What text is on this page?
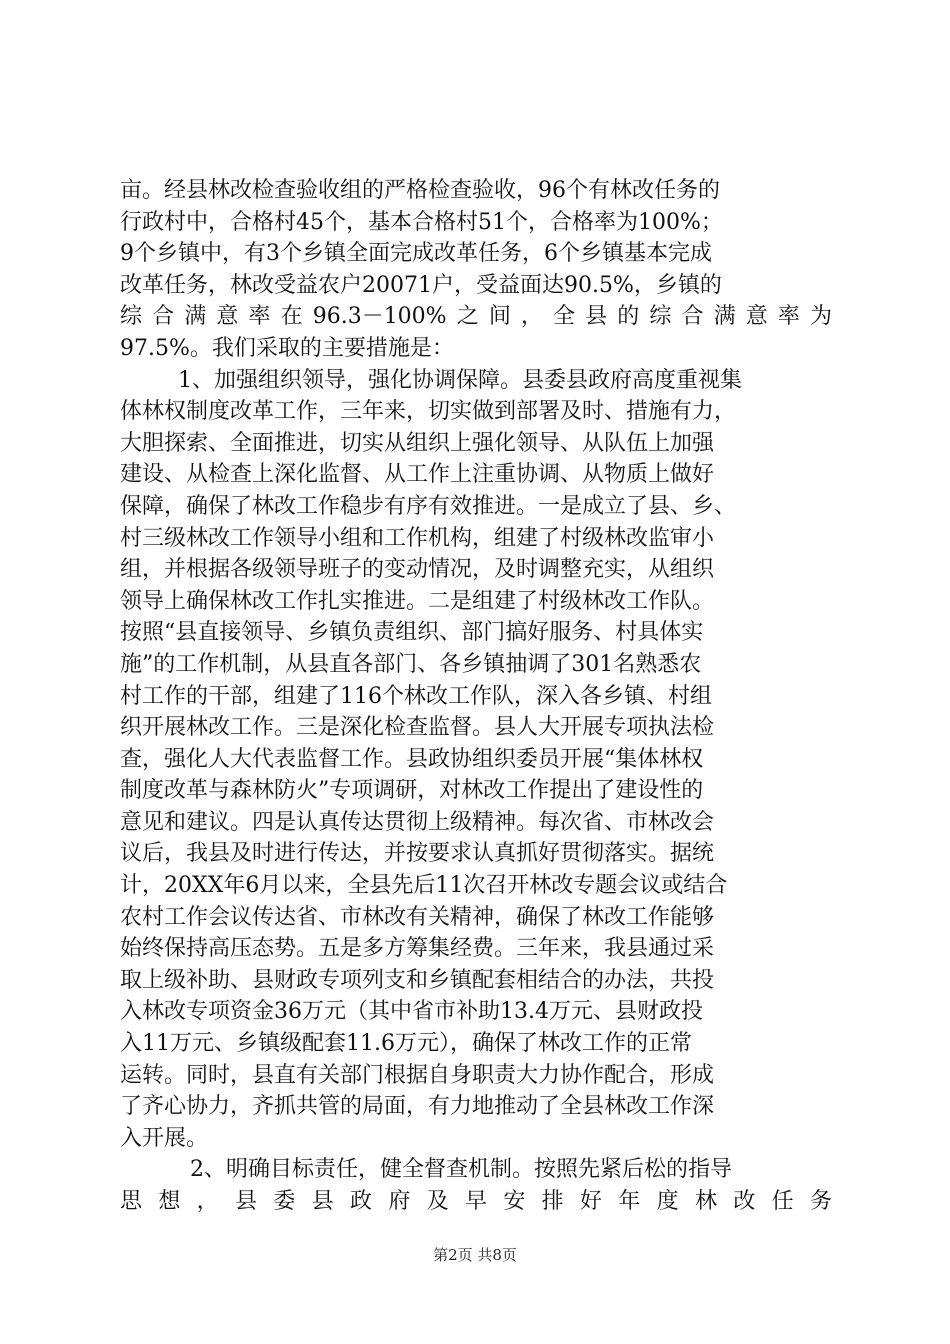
亩。经县林改检查验收组的严格检查验收，96个有林改任务的
行政村中，合格村45个，基本合格村51个，合格率为100%；
9个乡镇中，有3个乡镇全面完成改革任务，6个乡镇基本完成
改革任务，林改受益农户20071户，受益面达90.5%，乡镇的
综合满意率在96.3－100%之间，全县的综合满意率为
97.5%。我们采取的主要措施是：
1、加强组织领导，强化协调保障。县委县政府高度重视集
体林权制度改革工作，三年来，切实做到部署及时、措施有力，
大胆探索、全面推进，切实从组织上强化领导、从队伍上加强
建设、从检查上深化监督、从工作上注重协调、从物质上做好
保障，确保了林改工作稳步有序有效推进。一是成立了县、乡、
村三级林改工作领导小组和工作机构，组建了村级林改监审小
组，并根据各级领导班子的变动情况，及时调整充实，从组织
领导上确保林改工作扎实推进。二是组建了村级林改工作队。
按照“县直接领导、乡镇负责组织、部门搞好服务、村具体实
施”的工作机制，从县直各部门、各乡镇抽调了301名熟悉农
村工作的干部，组建了116个林改工作队，深入各乡镇、村组
织开展林改工作。三是深化检查监督。县人大开展专项执法检
查，强化人大代表监督工作。县政协组织委员开展“集体林权
制度改革与森林防火”专项调研，对林改工作提出了建设性的
意见和建议。四是认真传达贯彻上级精神。每次省、市林改会
议后，我县及时进行传达，并按要求认真抓好贯彻落实。据统
计，20XX年6月以来，全县先后11次召开林改专题会议或结合
农村工作会议传达省、市林改有关精神，确保了林改工作能够
始终保持高压态势。五是多方筹集经费。三年来，我县通过采
取上级补助、县财政专项列支和乡镇配套相结合的办法，共投
入林改专项资金36万元（其中省市补助13.4万元、县财政投
入11万元、乡镇级配套11.6万元），确保了林改工作的正常
运转。同时，县直有关部门根据自身职责大力协作配合，形成
了齐心协力，齐抓共管的局面，有力地推动了全县林改工作深
入开展。
2、明确目标责任，健全督查机制。按照先紧后松的指导
思想，县委县政府及早安排好年度林改任务
第2页 共8页
